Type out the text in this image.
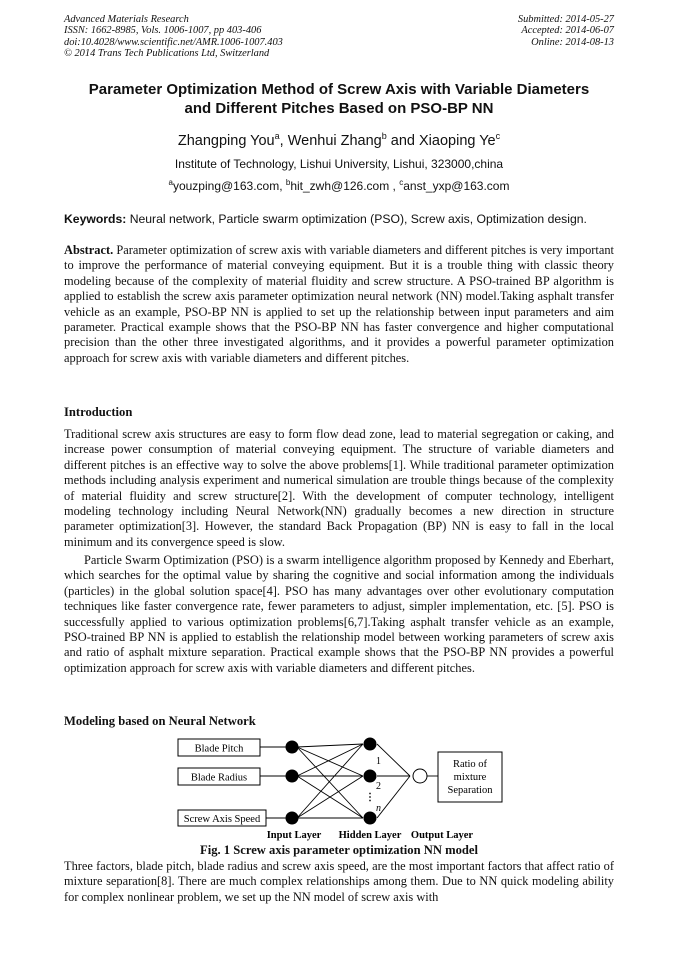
Advanced Materials Research
ISSN: 1662-8985, Vols. 1006-1007, pp 403-406
doi:10.4028/www.scientific.net/AMR.1006-1007.403
© 2014 Trans Tech Publications Ltd, Switzerland
Submitted: 2014-05-27
Accepted: 2014-06-07
Online: 2014-08-13
Parameter Optimization Method of Screw Axis with Variable Diameters
and Different Pitches Based on PSO-BP NN
Zhangping You$^a$, Wenhui Zhang$^b$ and Xiaoping Ye$^c$
Institute of Technology, Lishui University, Lishui, 323000,china
$^a$youzping@163.com, $^b$hit_zwh@126.com , $^c$anst_yxp@163.com
Keywords: Neural network, Particle swarm optimization (PSO), Screw axis, Optimization design.
Abstract. Parameter optimization of screw axis with variable diameters and different pitches is very important to improve the performance of material conveying equipment. But it is a trouble thing with classic theory modeling because of the complexity of material fluidity and screw structure. A PSO-trained BP algorithm is applied to establish the screw axis parameter optimization neural network (NN) model.Taking asphalt transfer vehicle as an example, PSO-BP NN is applied to set up the relationship between input parameters and aim parameter. Practical example shows that the PSO-BP NN has faster convergence and higher computational precision than the other three investigated algorithms, and it provides a powerful parameter optimization approach for screw axis with variable diameters and different pitches.
Introduction
Traditional screw axis structures are easy to form flow dead zone, lead to material segregation or caking, and increase power consumption of material conveying equipment. The structure of variable diameters and different pitches is an effective way to solve the above problems[1]. While traditional parameter optimization methods including analysis experiment and numerical simulation are trouble things because of the complexity of material fluidity and screw structure[2]. With the development of computer technology, intelligent modeling technology including Neural Network(NN) gradually becomes a new direction in structure parameter optimization[3]. However, the standard Back Propagation (BP) NN is easy to fall in the local minimum and its convergence speed is slow.
Particle Swarm Optimization (PSO) is a swarm intelligence algorithm proposed by Kennedy and Eberhart, which searches for the optimal value by sharing the cognitive and social information among the individuals (particles) in the global solution space[4]. PSO has many advantages over other evolutionary computation techniques like faster convergence rate, fewer parameters to adjust, simpler implementation, etc. [5]. PSO is successfully applied to various optimization problems[6,7].Taking asphalt transfer vehicle as an example, PSO-trained BP NN is applied to establish the relationship model between working parameters of screw axis and ratio of asphalt mixture separation. Practical example shows that the PSO-BP NN provides a powerful optimization approach for screw axis with variable diameters and different pitches.
Modeling based on Neural Network
Blade Pitch
Blade Radius
Screw Axis Speed
1
2
⋮
n
Ratio of
mixture
Separation
Input Layer Hidden Layer Output Layer
Fig. 1 Screw axis parameter optimization NN model
Three factors, blade pitch, blade radius and screw axis speed, are the most important factors that affect ratio of mixture separation[8]. There are much complex relationships among them. Due to NN quick modeling ability for complex nonlinear problem, we set up the NN model of screw axis with
